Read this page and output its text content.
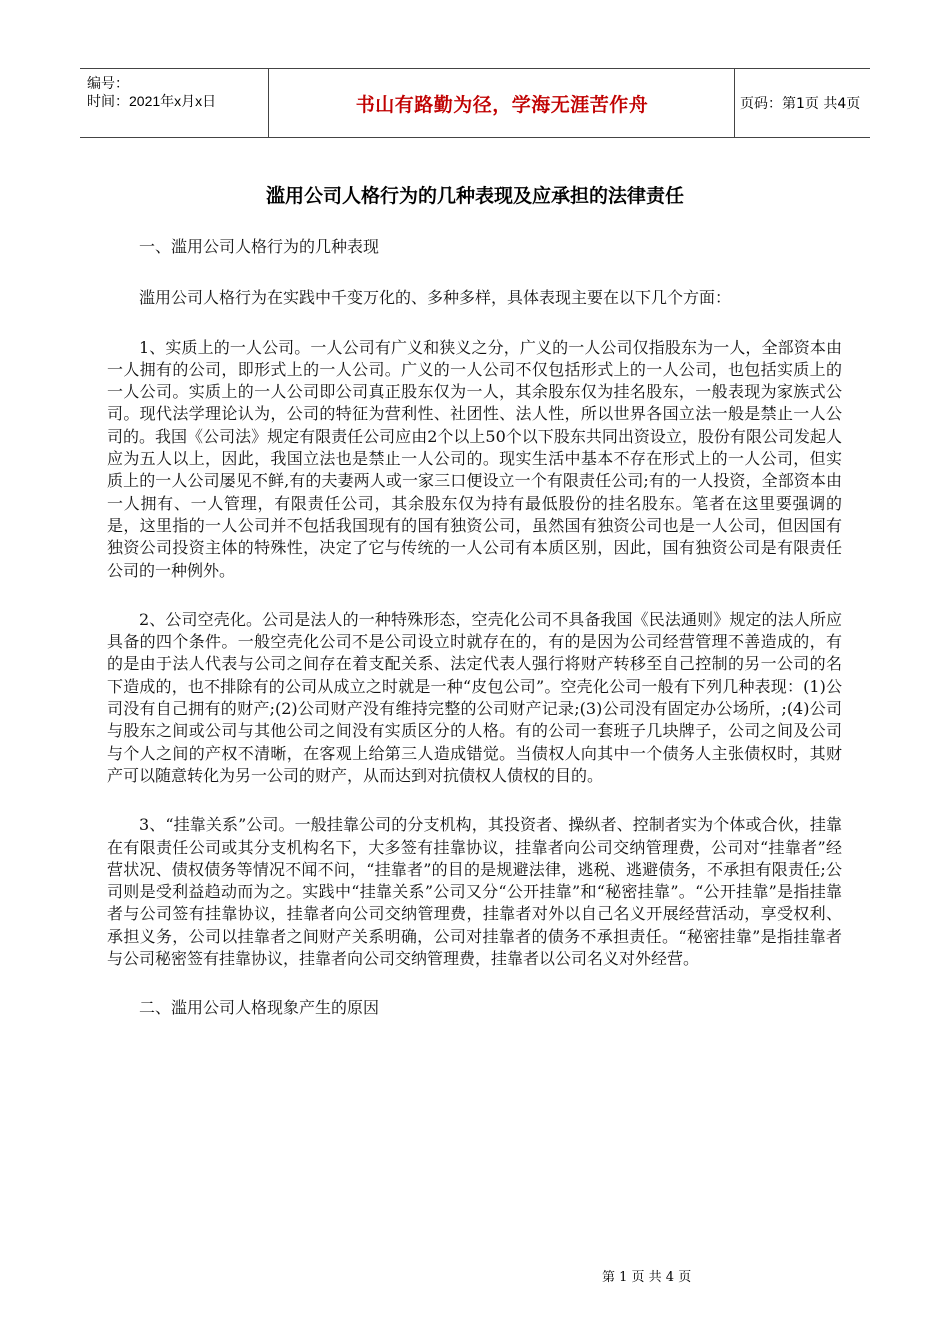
编号：
时间：2021年x月x日	书山有路勤为径，学海无涯苦作舟	页码：第1页 共4页
滥用公司人格行为的几种表现及应承担的法律责任

一、滥用公司人格行为的几种表现

滥用公司人格行为在实践中千变万化的、多种多样，具体表现主要在以下几个方面：

1、实质上的一人公司。一人公司有广义和狭义之分，广义的一人公司仅指股东为一人，全部资本由一人拥有的公司，即形式上的一人公司。广义的一人公司不仅包括形式上的一人公司，也包括实质上的一人公司。实质上的一人公司即公司真正股东仅为一人，其余股东仅为挂名股东，一般表现为家族式公司。现代法学理论认为，公司的特征为营利性、社团性、法人性，所以世界各国立法一般是禁止一人公司的。我国《公司法》规定有限责任公司应由2个以上50个以下股东共同出资设立，股份有限公司发起人应为五人以上，因此，我国立法也是禁止一人公司的。现实生活中基本不存在形式上的一人公司，但实质上的一人公司屡见不鲜,有的夫妻两人或一家三口便设立一个有限责任公司;有的一人投资，全部资本由一人拥有、一人管理，有限责任公司，其余股东仅为持有最低股份的挂名股东。笔者在这里要强调的是，这里指的一人公司并不包括我国现有的国有独资公司，虽然国有独资公司也是一人公司，但因国有独资公司投资主体的特殊性，决定了它与传统的一人公司有本质区别，因此，国有独资公司是有限责任公司的一种例外。

2、公司空壳化。公司是法人的一种特殊形态，空壳化公司不具备我国《民法通则》规定的法人所应具备的四个条件。一般空壳化公司不是公司设立时就存在的，有的是因为公司经营管理不善造成的，有的是由于法人代表与公司之间存在着支配关系、法定代表人强行将财产转移至自己控制的另一公司的名下造成的，也不排除有的公司从成立之时就是一种“皮包公司”。空壳化公司一般有下列几种表现：(1)公司没有自己拥有的财产;(2)公司财产没有维持完整的公司财产记录;(3)公司没有固定办公场所，;(4)公司与股东之间或公司与其他公司之间没有实质区分的人格。有的公司一套班子几块牌子，公司之间及公司与个人之间的产权不清晰，在客观上给第三人造成错觉。当债权人向其中一个债务人主张债权时，其财产可以随意转化为另一公司的财产，从而达到对抗债权人债权的目的。

3、“挂靠关系”公司。一般挂靠公司的分支机构，其投资者、操纵者、控制者实为个体或合伙，挂靠在有限责任公司或其分支机构名下，大多签有挂靠协议，挂靠者向公司交纳管理费，公司对“挂靠者”经营状况、债权债务等情况不闻不问，“挂靠者”的目的是规避法律，逃税、逃避债务，不承担有限责任;公司则是受利益趋动而为之。实践中“挂靠关系”公司又分“公开挂靠”和“秘密挂靠”。“公开挂靠”是指挂靠者与公司签有挂靠协议，挂靠者向公司交纳管理费，挂靠者对外以自己名义开展经营活动，享受权利、承担义务，公司以挂靠者之间财产关系明确，公司对挂靠者的债务不承担责任。“秘密挂靠”是指挂靠者与公司秘密签有挂靠协议，挂靠者向公司交纳管理费，挂靠者以公司名义对外经营。

二、滥用公司人格现象产生的原因

第 1 页 共 4 页
